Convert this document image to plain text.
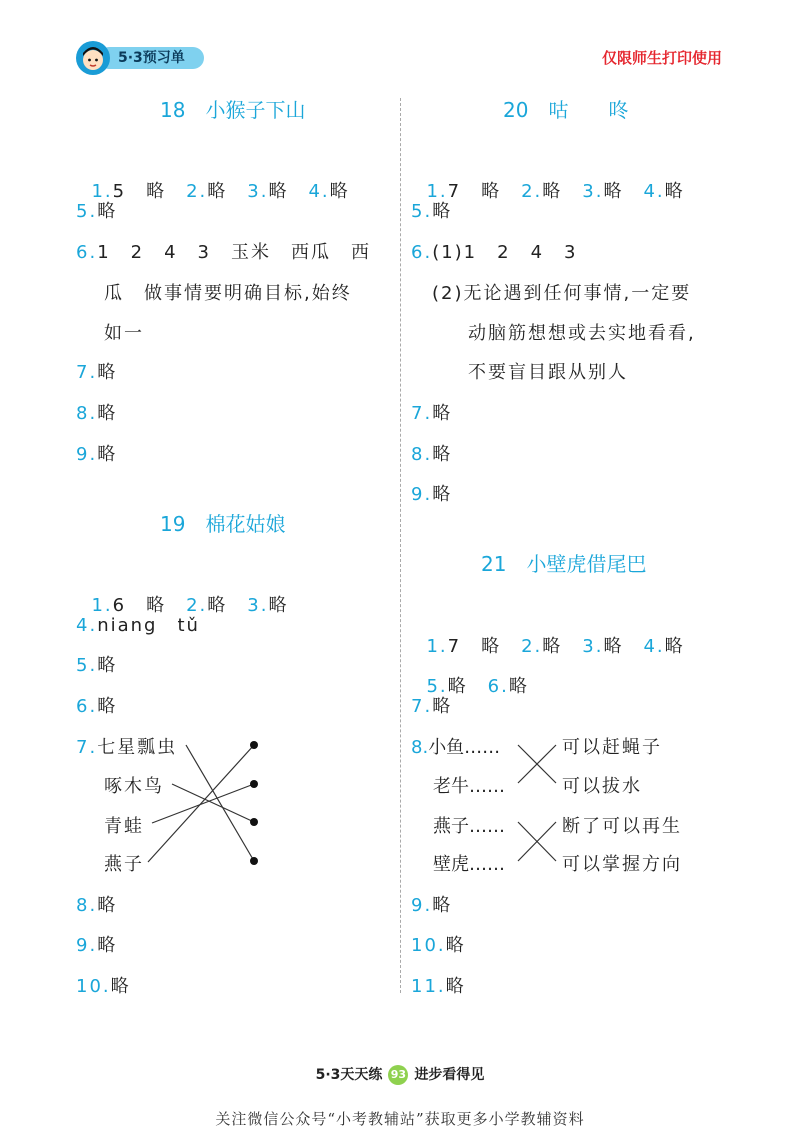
5·3预习单	仅限师生打印使用
18　小猴子下山

1.5　略　 2.略　 3.略　 4.略

5.略
6.1　2　4　3　玉米　西瓜　西
瓜　做事情要明确目标,始终
如一
7.略
8.略
9.略
19　棉花姑娘

1.6　略　 2.略　 3.略

4.niang　tǔ
5.略
6.略
7.七星瓢虫
啄木鸟
青蛙
燕子
8.略
9.略
10.略
20　咕　　咚

1.7　略　 2.略　 3.略　 4.略

5.略
6.(1)1　2　4　3
(2)无论遇到任何事情,一定要
动脑筋想想或去实地看看,
不要盲目跟从别人
7.略
8.略
9.略
21　小壁虎借尾巴

1.7　略　 2.略　 3.略　 4.略

5.略　 6.略

7.略
8.小鱼……
老牛……
燕子……
壁虎……
可以赶蝇子
可以拔水
断了可以再生
可以掌握方向
9.略
10.略
11.略
5·3天天练 93 进步看得见
关注微信公众号“小考教辅站”获取更多小学教辅资料
